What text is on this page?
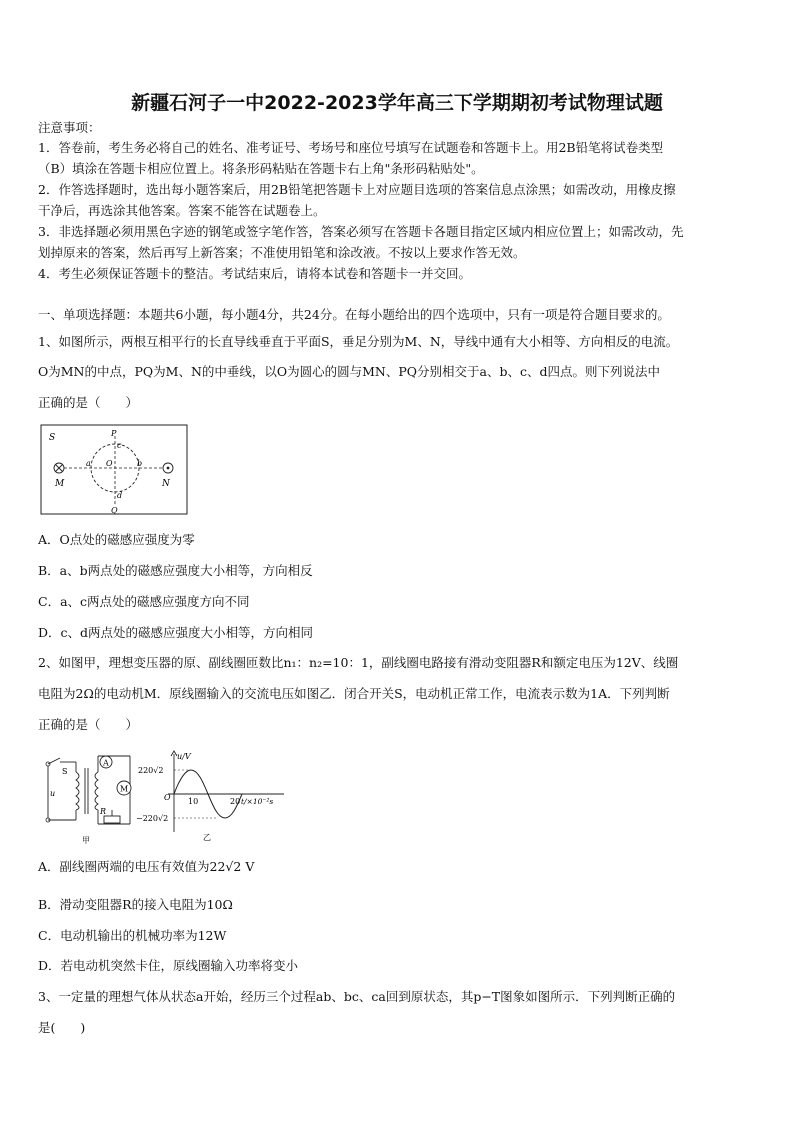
新疆石河子一中2022-2023学年高三下学期期初考试物理试题
注意事项：
1．答卷前，考生务必将自己的姓名、准考证号、考场号和座位号填写在试题卷和答题卡上。用2B铅笔将试卷类型
（B）填涂在答题卡相应位置上。将条形码粘贴在答题卡右上角"条形码粘贴处"。
2．作答选择题时，选出每小题答案后，用2B铅笔把答题卡上对应题目选项的答案信息点涂黑；如需改动，用橡皮擦
干净后，再选涂其他答案。答案不能答在试题卷上。
3．非选择题必须用黑色字迹的钢笔或签字笔作答，答案必须写在答题卡各题目指定区域内相应位置上；如需改动，先
划掉原来的答案，然后再写上新答案；不准使用铅笔和涂改液。不按以上要求作答无效。
4．考生必须保证答题卡的整洁。考试结束后，请将本试卷和答题卡一并交回。
一、单项选择题：本题共6小题，每小题4分，共24分。在每小题给出的四个选项中，只有一项是符合题目要求的。
1、如图所示，两根互相平行的长直导线垂直于平面S，垂足分别为M、N，导线中通有大小相等、方向相反的电流。
O为MN的中点，PQ为M、N的中垂线，以O为圆心的圆与MN、PQ分别相交于a、b、c、d四点。则下列说法中
正确的是（　　）
S
M	N
P
Q
O
a	b
c
d
A．O点处的磁感应强度为零
B．a、b两点处的磁感应强度大小相等，方向相反
C．a、c两点处的磁感应强度方向不同
D．c、d两点处的磁感应强度大小相等，方向相同
2、如图甲，理想变压器的原、副线圈匝数比n₁：n₂=10：1，副线圈电路接有滑动变阻器R和额定电压为12V、线圈
电阻为2Ω的电动机M．原线圈输入的交流电压如图乙．闭合开关S，电动机正常工作，电流表示数为1A．下列判断
正确的是（　　）
A
M
R
S
u
甲
u/V
220√2
−220√2
O 10	20 t/×10⁻²s
乙
A．副线圈两端的电压有效值为22√2 V
B．滑动变阻器R的接入电阻为10Ω
C．电动机输出的机械功率为12W
D．若电动机突然卡住，原线圈输入功率将变小
3、一定量的理想气体从状态a开始，经历三个过程ab、bc、ca回到原状态，其p−T图象如图所示．下列判断正确的
是(　　)
